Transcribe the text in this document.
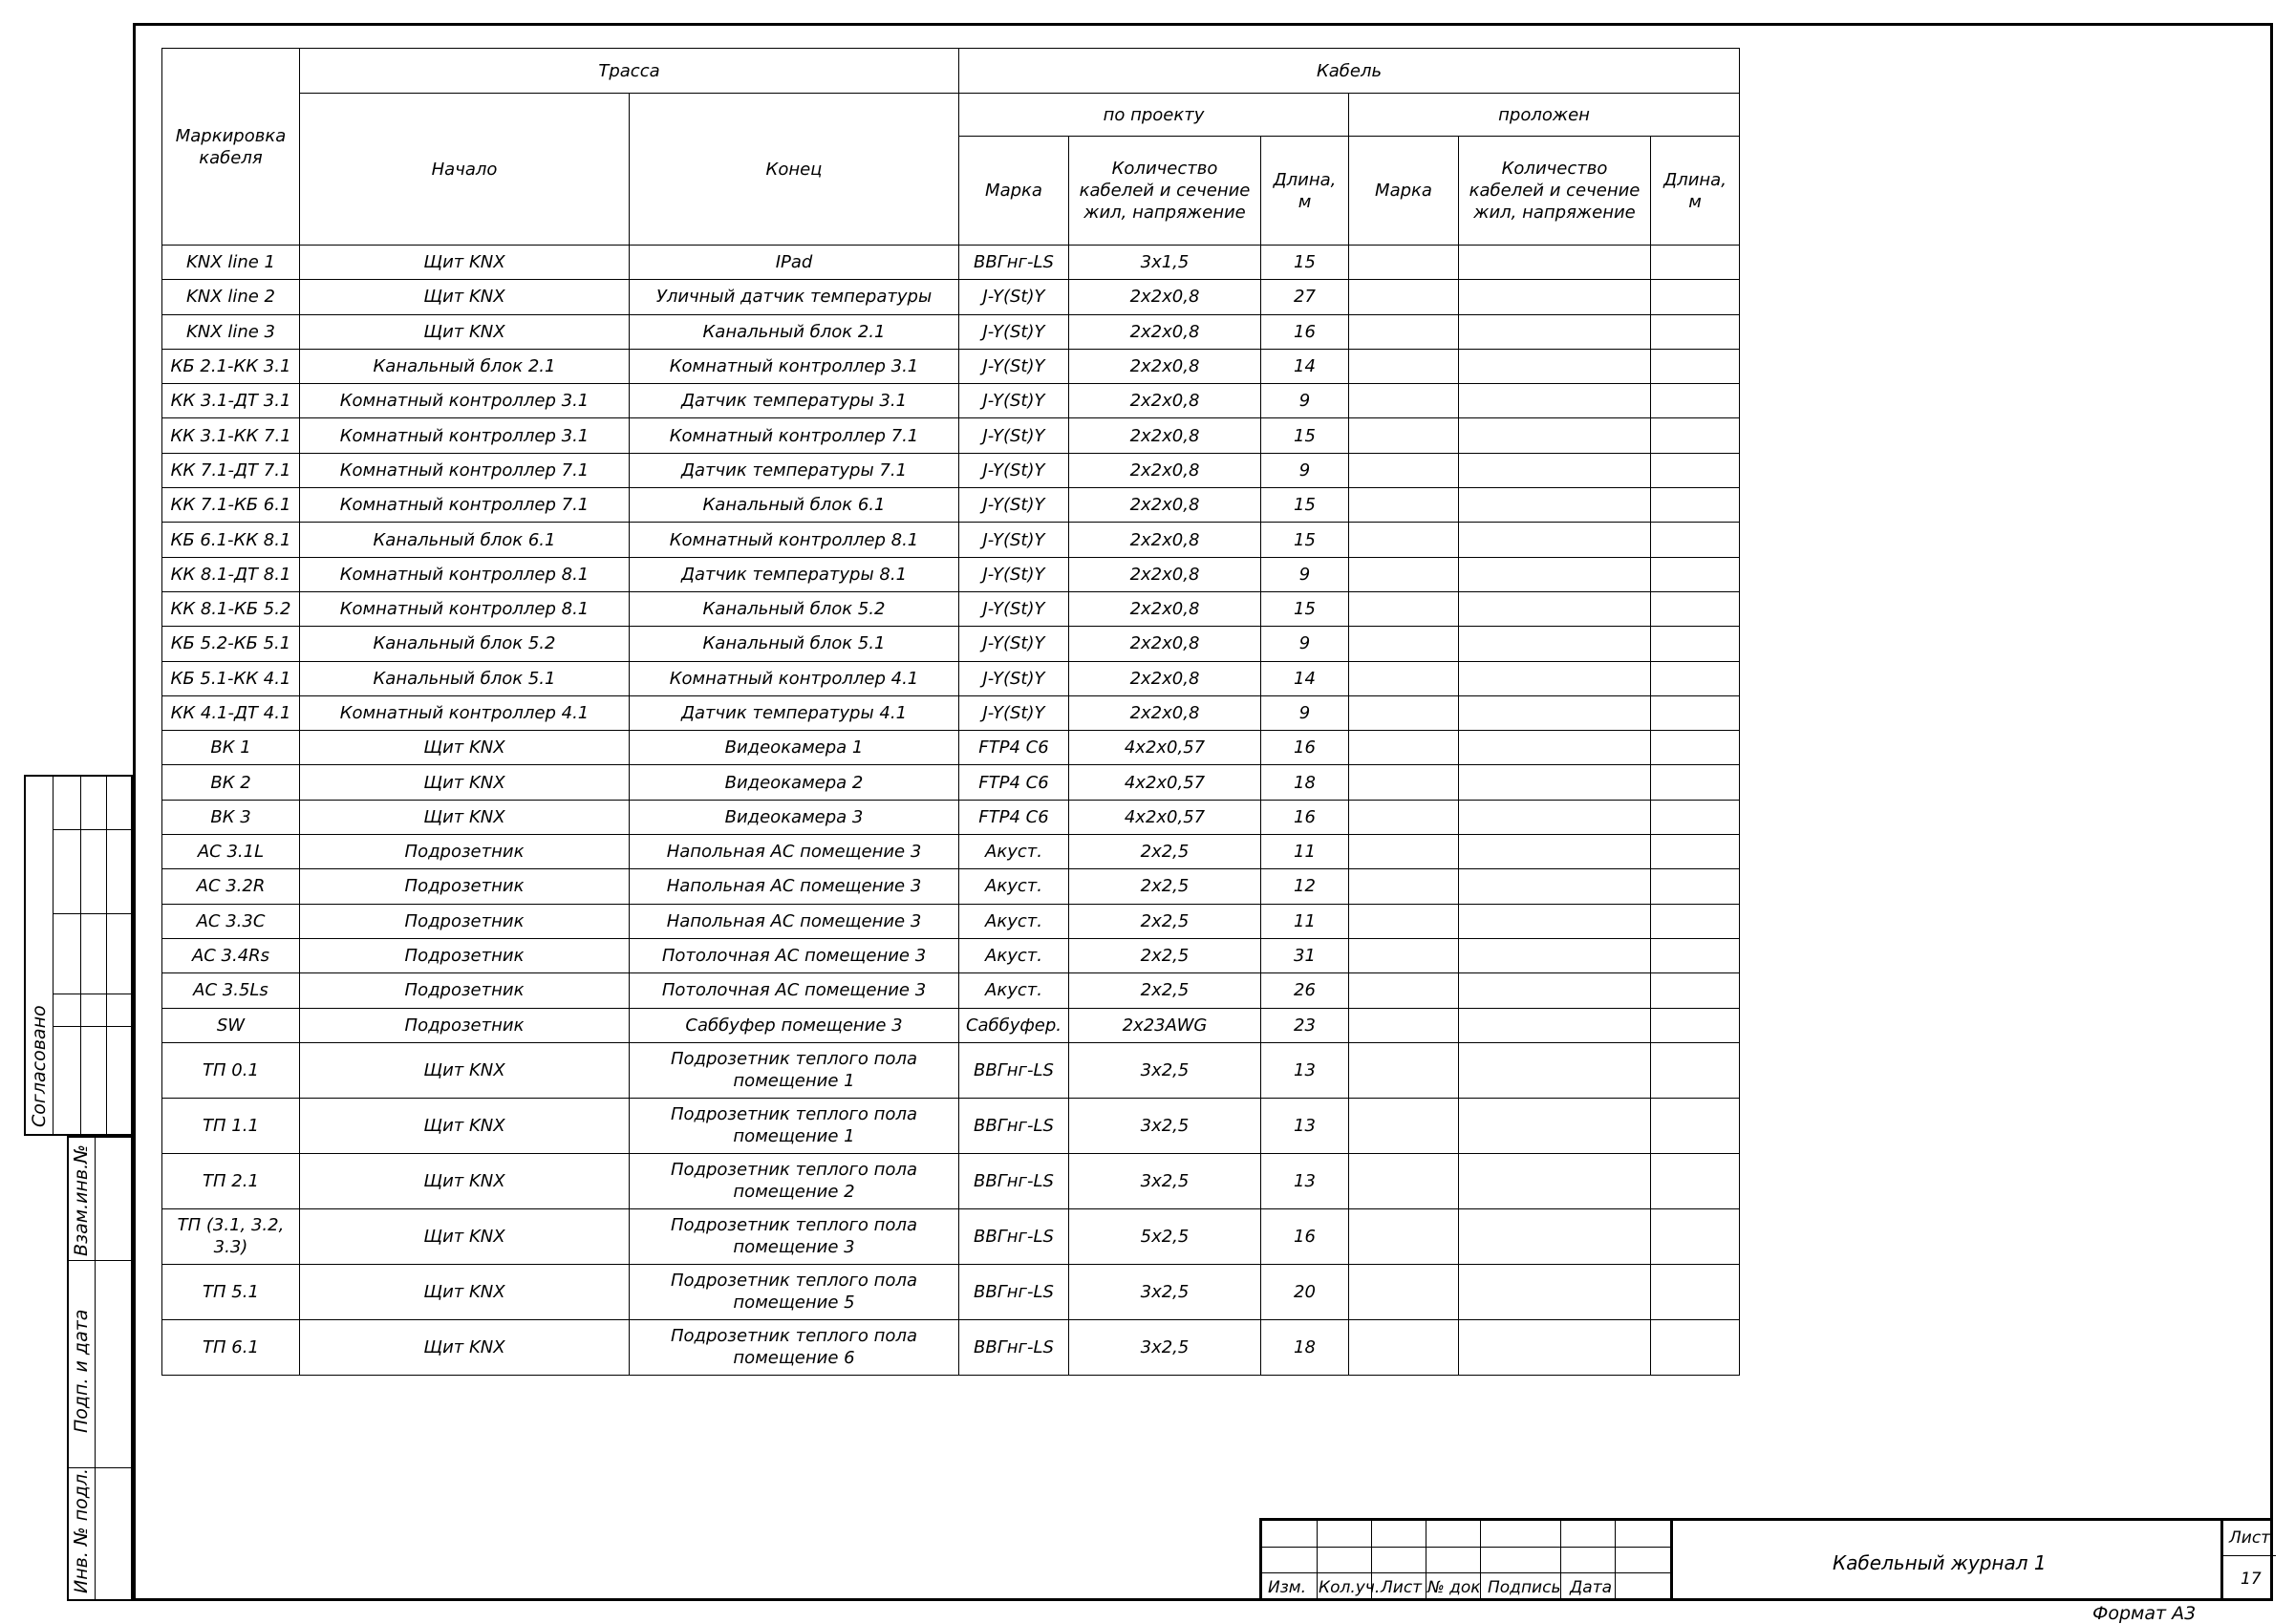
Маркировка кабеля	Трасса		Кабель					
	Начало	Конец	по проекту			проложен		
			Марка	Количество кабелей и сечение жил, напряжение	Длина, м	Марка	Количество кабелей и сечение жил, напряжение	Длина, м
KNX line 1	Щит KNX	IPad	ВВГнг-LS	3x1,5	15			
KNX line 2	Щит KNX	Уличный датчик температуры	J-Y(St)Y	2x2x0,8	27			
KNX line 3	Щит KNX	Канальный блок 2.1	J-Y(St)Y	2x2x0,8	16			
КБ 2.1-КК 3.1	Канальный блок 2.1	Комнатный контроллер 3.1	J-Y(St)Y	2x2x0,8	14			
КК 3.1-ДТ 3.1	Комнатный контроллер 3.1	Датчик температуры 3.1	J-Y(St)Y	2x2x0,8	9			
КК 3.1-КК 7.1	Комнатный контроллер 3.1	Комнатный контроллер 7.1	J-Y(St)Y	2x2x0,8	15			
КК 7.1-ДТ 7.1	Комнатный контроллер 7.1	Датчик температуры 7.1	J-Y(St)Y	2x2x0,8	9			
КК 7.1-КБ 6.1	Комнатный контроллер 7.1	Канальный блок 6.1	J-Y(St)Y	2x2x0,8	15			
КБ 6.1-КК 8.1	Канальный блок 6.1	Комнатный контроллер 8.1	J-Y(St)Y	2x2x0,8	15			
КК 8.1-ДТ 8.1	Комнатный контроллер 8.1	Датчик температуры 8.1	J-Y(St)Y	2x2x0,8	9			
КК 8.1-КБ 5.2	Комнатный контроллер 8.1	Канальный блок 5.2	J-Y(St)Y	2x2x0,8	15			
КБ 5.2-КБ 5.1	Канальный блок 5.2	Канальный блок 5.1	J-Y(St)Y	2x2x0,8	9			
КБ 5.1-КК 4.1	Канальный блок 5.1	Комнатный контроллер 4.1	J-Y(St)Y	2x2x0,8	14			
КК 4.1-ДТ 4.1	Комнатный контроллер 4.1	Датчик температуры 4.1	J-Y(St)Y	2x2x0,8	9			
ВК 1	Щит KNX	Видеокамера 1	FTP4 C6	4x2x0,57	16			
ВК 2	Щит KNX	Видеокамера 2	FTP4 C6	4x2x0,57	18			
ВК 3	Щит KNX	Видеокамера 3	FTP4 C6	4x2x0,57	16			
AC 3.1L	Подрозетник	Напольная АС помещение 3	Акуст.	2x2,5	11			
AC 3.2R	Подрозетник	Напольная АС помещение 3	Акуст.	2x2,5	12			
AC 3.3C	Подрозетник	Напольная АС помещение 3	Акуст.	2x2,5	11			
AC 3.4Rs	Подрозетник	Потолочная АС помещение 3	Акуст.	2x2,5	31			
AC 3.5Ls	Подрозетник	Потолочная АС помещение 3	Акуст.	2x2,5	26			
SW	Подрозетник	Саббуфер помещение 3	Саббуфер.	2x23AWG	23			
ТП 0.1	Щит KNX	Подрозетник теплого пола помещение 1	ВВГнг-LS	3x2,5	13			
ТП 1.1	Щит KNX	Подрозетник теплого пола помещение 1	ВВГнг-LS	3x2,5	13			
ТП 2.1	Щит KNX	Подрозетник теплого пола помещение 2	ВВГнг-LS	3x2,5	13			
ТП (3.1, 3.2, 3.3)	Щит KNX	Подрозетник теплого пола помещение 3	ВВГнг-LS	5x2,5	16			
ТП 5.1	Щит KNX	Подрозетник теплого пола помещение 5	ВВГнг-LS	3x2,5	20			
ТП 6.1	Щит KNX	Подрозетник теплого пола помещение 6	ВВГнг-LS	3x2,5	18			
Согласовано
Взам.инв.№
Подп. и дата
Инв. № подл.	Изм. Кол.уч. Лист № док Подпись Дата
Кабельный журнал 1
Лист
17
Формат А3
